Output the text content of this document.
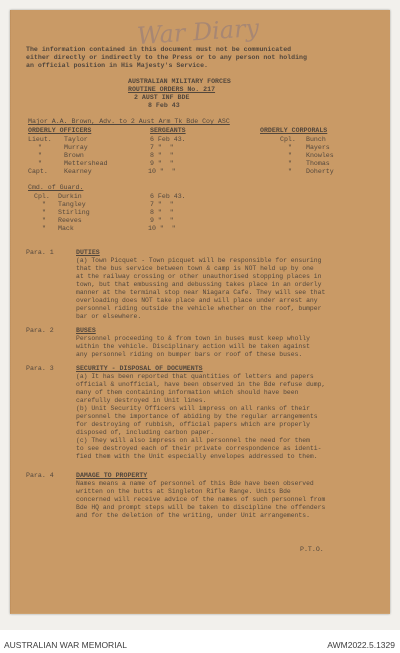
War Diary
The information contained in this document must not be communicated
either directly or indirectly to the Press or to any person not holding
an official position in His Majesty's Service.
AUSTRALIAN MILITARY FORCES
ROUTINE ORDERS No. 217
2 AUST INF BDE
8 Feb 43
Major A.A. Brown, Adv. to 2 Aust Arm Tk Bde Coy ASC
ORDERLY OFFICERS	SERGEANTS	ORDERLY CORPORALS
Lieut. Taylor	6 Feb 43.	Cpl. Bunch
"	Murray	7 "  "	" Mayers
"	Brown	8 "  "	" Knowles
"	Mettershead	9 "  "	" Thomas
Capt. Kearney	10 "  "	" Doherty
Cmd. of Guard.
Cpl. Durkin	6 Feb 43.
" Tangley	7 "  "
" Stirling	8 "  "
" Reeves	9 "  "
" Mack	10 "  "
Para. 1	DUTIES
(a) Town Picquet - Town picquet will be responsible for ensuring
that the bus service between town & camp is NOT held up by one
at the railway crossing or other unauthorised stopping places in
town, but that embussing and debussing takes place in an orderly
manner at the terminal stop near Niagara Cafe. They will see that
overloading does NOT take place and will place under arrest any
personnel riding outside the vehicle whether on the roof, bumper
bar or elsewhere.
Para. 2	BUSES
Personnel proceeding to & from town in buses must keep wholly
within the vehicle. Disciplinary action will be taken against
any personnel riding on bumper bars or roof of these buses.
Para. 3	SECURITY - DISPOSAL OF DOCUMENTS
(a) It has been reported that quantities of letters and papers
official & unofficial, have been observed in the Bde refuse dump,
many of them containing information which should have been
carefully destroyed in Unit lines.
(b) Unit Security Officers will impress on all ranks of their
personnel the importance of abiding by the regular arrangements
for destroying of rubbish, official papers which are properly
disposed of, including carbon paper.
(c) They will also impress on all personnel the need for them
to see destroyed each of their private correspondence as identi-
fied them with the Unit especially envelopes addressed to them.
Para. 4	DAMAGE TO PROPERTY
Names means a name of personnel of this Bde have been observed
written on the butts at Singleton Rifle Range. Units Bde
concerned will receive advice of the names of such personnel from
Bde HQ and prompt steps will be taken to discipline the offenders
and for the deletion of the writing, under Unit arrangements.
P.T.O.
AUSTRALIAN WAR MEMORIAL	AWM2022.5.1329
